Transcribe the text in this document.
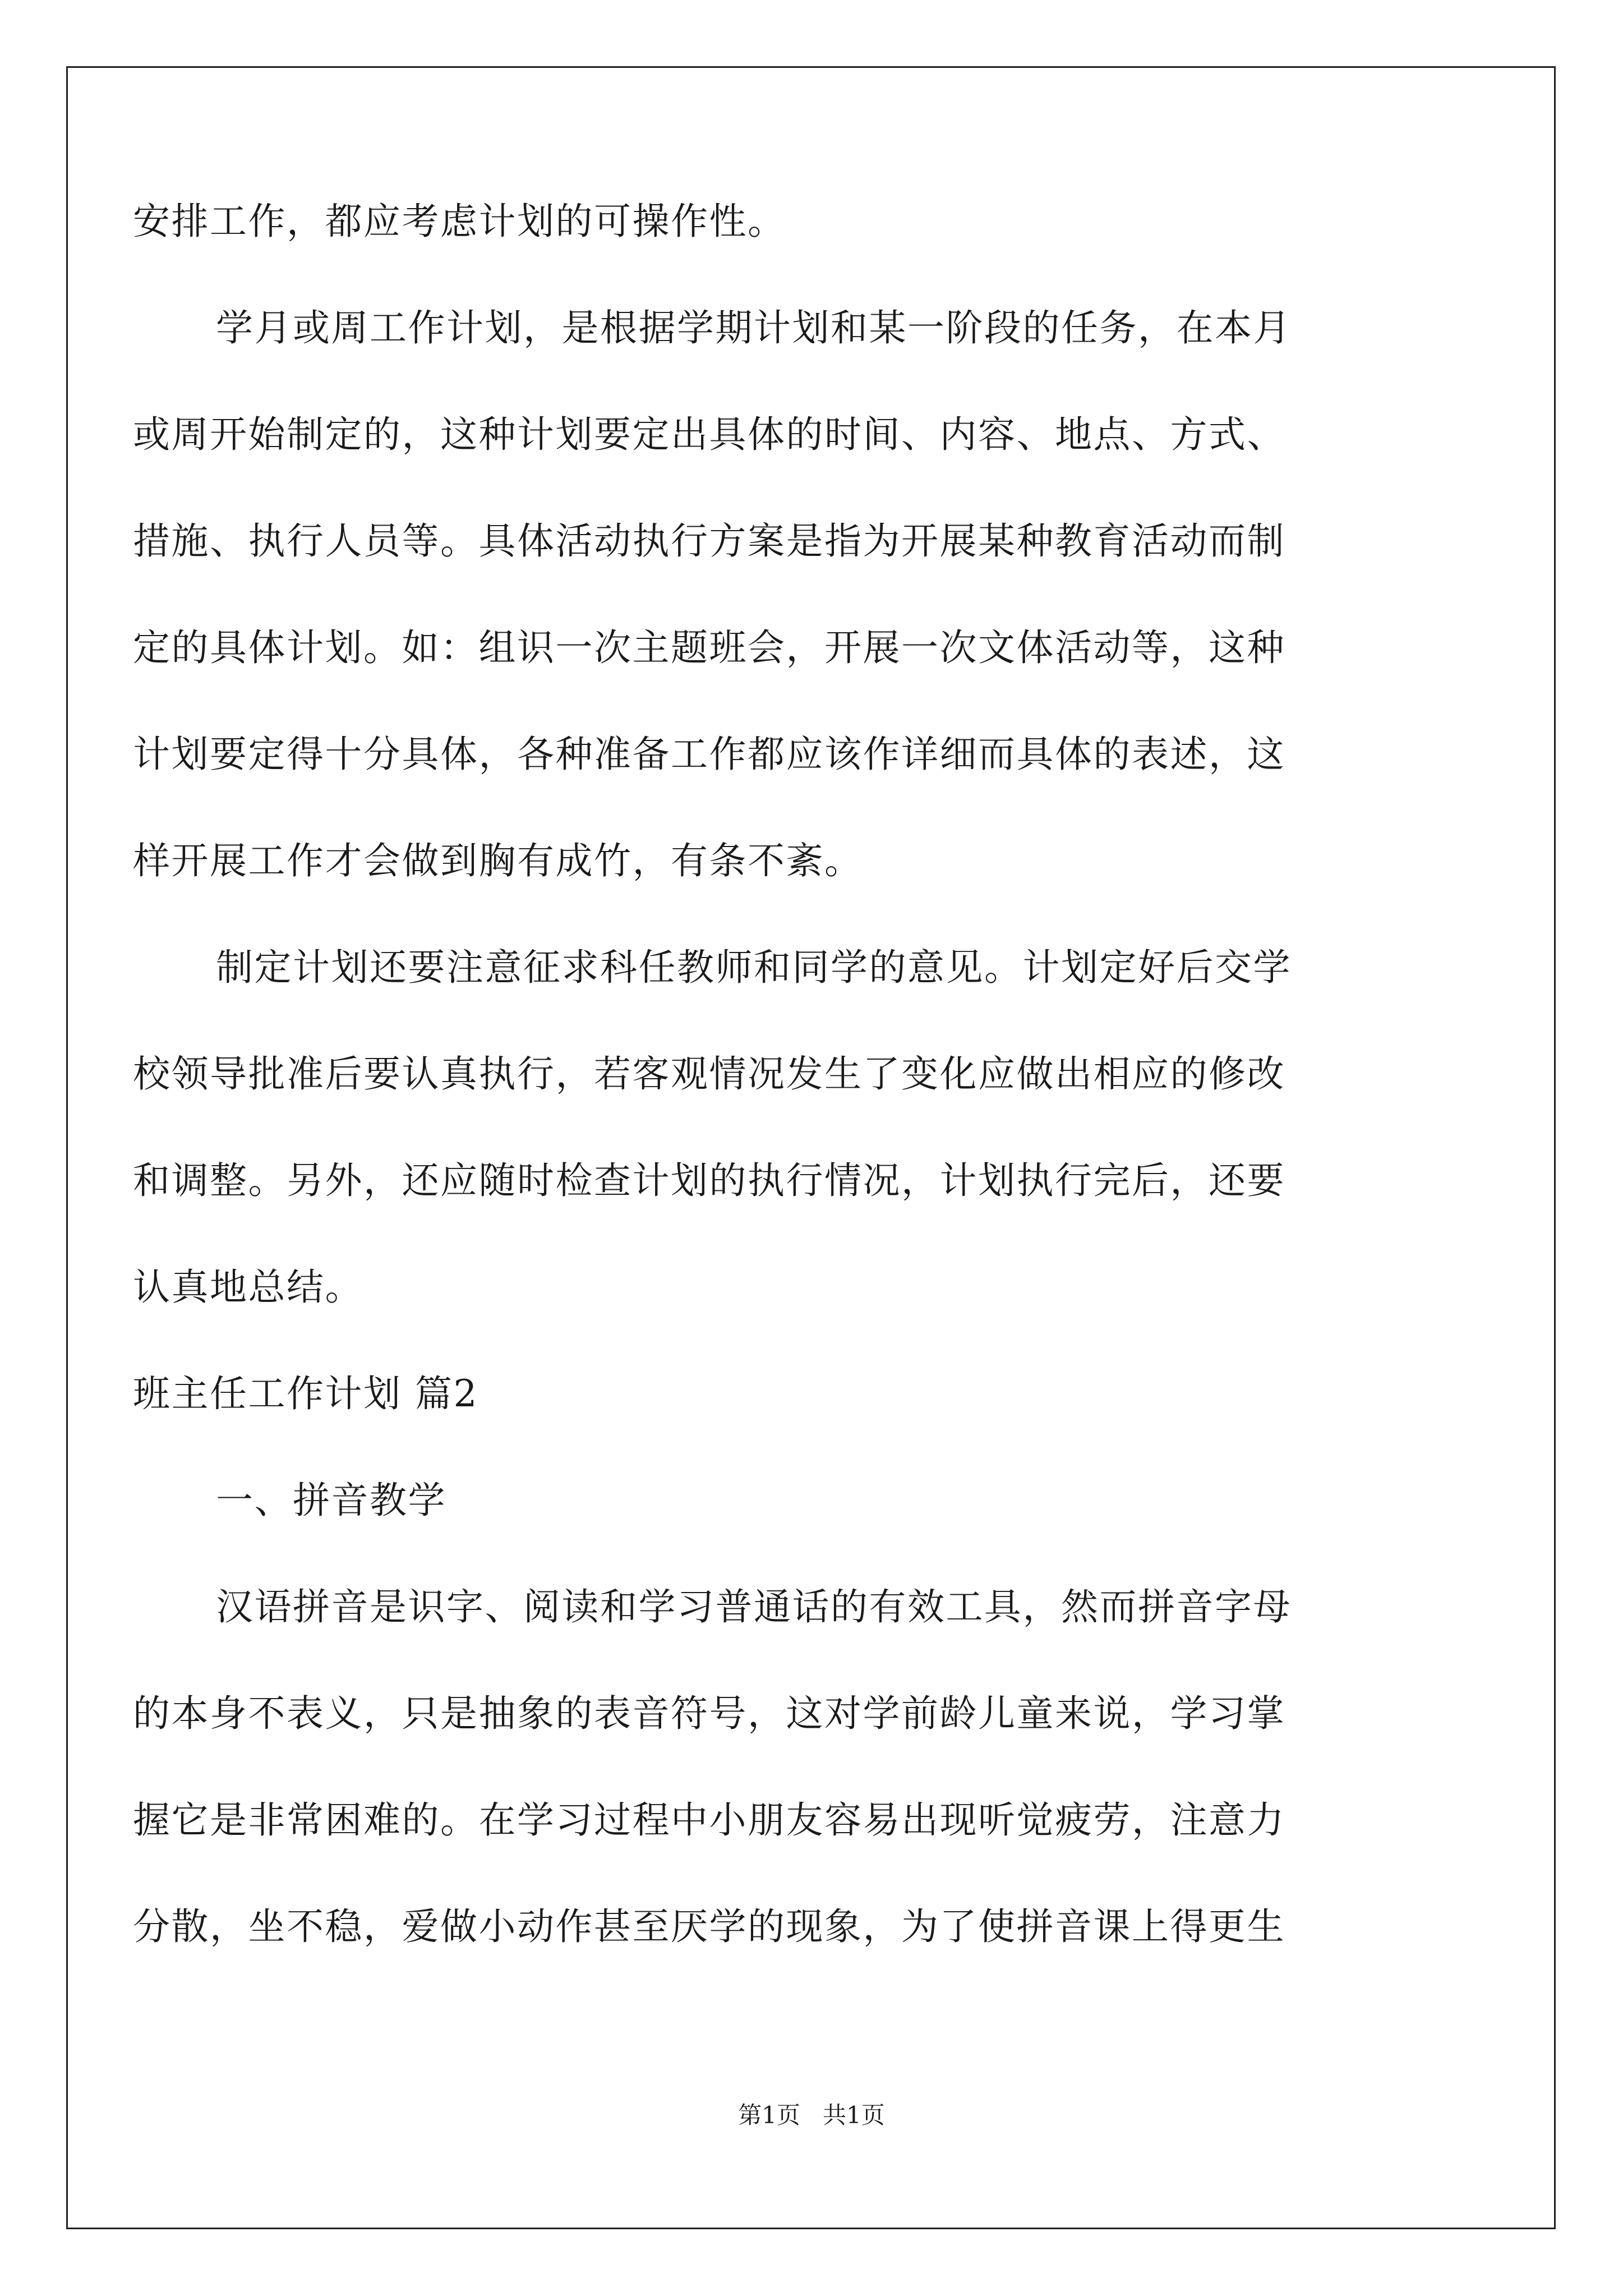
安排工作，都应考虑计划的可操作性。
学月或周工作计划，是根据学期计划和某一阶段的任务，在本月
或周开始制定的，这种计划要定出具体的时间、内容、地点、方式、
措施、执行人员等。具体活动执行方案是指为开展某种教育活动而制
定的具体计划。如：组识一次主题班会，开展一次文体活动等，这种
计划要定得十分具体，各种准备工作都应该作详细而具体的表述，这
样开展工作才会做到胸有成竹，有条不紊。
制定计划还要注意征求科任教师和同学的意见。计划定好后交学
校领导批准后要认真执行，若客观情况发生了变化应做出相应的修改
和调整。另外，还应随时检查计划的执行情况，计划执行完后，还要
认真地总结。
班主任工作计划 篇2
一、拼音教学
汉语拼音是识字、阅读和学习普通话的有效工具，然而拼音字母
的本身不表义，只是抽象的表音符号，这对学前龄儿童来说，学习掌
握它是非常困难的。在学习过程中小朋友容易出现听觉疲劳，注意力
分散，坐不稳，爱做小动作甚至厌学的现象，为了使拼音课上得更生
第1页   共1页
